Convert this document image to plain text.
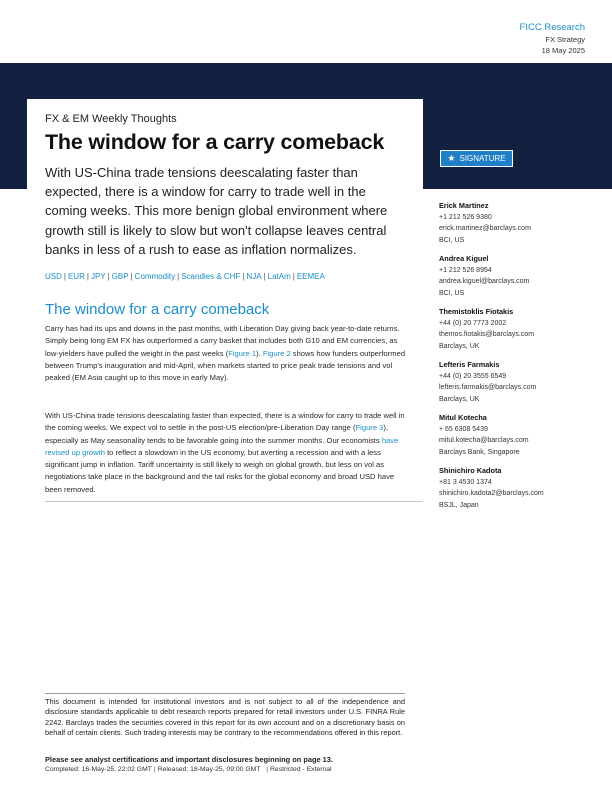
FICC Research
FX Strategy
18 May 2025
FX & EM Weekly Thoughts
The window for a carry comeback
With US-China trade tensions deescalating faster than expected, there is a window for carry to trade well in the coming weeks. This more benign global environment where growth still is likely to slow but won't collapse leaves central banks in less of a rush to ease as inflation normalizes.
★ SIGNATURE
USD | EUR | JPY | GBP | Commodity | Scandies & CHF | NJA | LatAm | EEMEA
The window for a carry comeback
Carry has had its ups and downs in the past months, with Liberation Day giving back year-to-date returns. Simply being long EM FX has outperformed a carry basket that includes both G10 and EM currencies, as low-yielders have pulled the weight in the past weeks (Figure 1). Figure 2 shows how funders outperformed between Trump's inauguration and mid-April, when markets started to price peak trade tensions and vol peaked (EM Asia caught up to this move in early May).
With US-China trade tensions deescalating faster than expected, there is a window for carry to trade well in the coming weeks. We expect vol to settle in the post-US election/pre-Liberation Day range (Figure 3), especially as May seasonality tends to be favorable going into the summer months. Our economists have revised up growth to reflect a slowdown in the US economy, but averting a recession and with a less significant jump in inflation. Tariff uncertainty is still likely to weigh on global growth, but less on vol as negotiations take place in the background and the tail risks for the global economy and broad USD have been removed.
Erick Martinez
+1 212 526 9380
erick.martinez@barclays.com
BCI, US
Andrea Kiguel
+1 212 526 8954
andrea.kiguel@barclays.com
BCI, US
Themistoklis Fiotakis
+44 (0) 20 7773 2002
themos.fiotakis@barclays.com
Barclays, UK
Lefteris Farmakis
+44 (0) 20 3555 6549
lefteris.farmakis@barclays.com
Barclays, UK
Mitul Kotecha
+ 65 6308 5439
mitul.kotecha@barclays.com
Barclays Bank, Singapore
Shinichiro Kadota
+81 3 4530 1374
shinichiro.kadota2@barclays.com
BSJL, Japan
This document is intended for institutional investors and is not subject to all of the independence and disclosure standards applicable to debt research reports prepared for retail investors under U.S. FINRA Rule 2242. Barclays trades the securities covered in this report for its own account and on a discretionary basis on behalf of certain clients. Such trading interests may be contrary to the recommendations offered in this report.
Please see analyst certifications and important disclosures beginning on page 13.
Completed: 16-May-25, 22:02 GMT | Released: 18-May-25, 09:00 GMT  | Restricted - External
